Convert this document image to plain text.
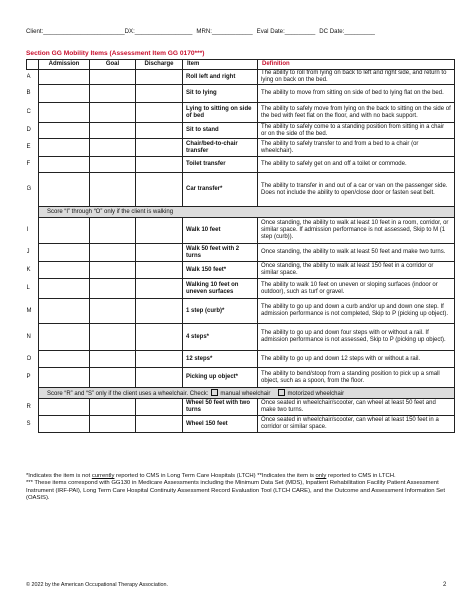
Client:________________________DX:_________________ MRN:____________ Eval Date:_________ DC Date:_________
Section GG Mobility Items (Assessment Item GG 0170***)
	Admission	Goal	Discharge	Item	Definition
A				Roll left and right	The ability to roll from lying on back to left and right side, and return to lying on back on the bed.
B				Sit to lying	The ability to move from sitting on side of bed to lying flat on the bed.
C				Lying to sitting on side of bed	The ability to safely move from lying on the back to sitting on the side of the bed with feet flat on the floor, and with no back support.
D				Sit to stand	The ability to safely come to a standing position from sitting in a chair or on the side of the bed.
E				Chair/bed-to-chair transfer	The ability to safely transfer to and from a bed to a chair (or wheelchair).
F				Toilet transfer	The ability to safely get on and off a toilet or commode.
G				Car transfer*	The ability to transfer in and out of a car or van on the passenger side. Does not include the ability to open/close door or fasten seat belt.
	Score “I” through “O” only if the client is walking				
I				Walk 10 feet	Once standing, the ability to walk at least 10 feet in a room, corridor, or similar space. If admission performance is not assessed, Skip to M (1 step (curb)).
J				Walk 50 feet with 2 turns	Once standing, the ability to walk at least 50 feet and make two turns.
K				Walk 150 feet*	Once standing, the ability to walk at least 150 feet in a corridor or similar space.
L				Walking 10 feet on uneven surfaces	The ability to walk 10 feet on uneven or sloping surfaces (indoor or outdoor), such as turf or gravel.
M				1 step (curb)*	The ability to go up and down a curb and/or up and down one step. If admission performance is not completed, Skip to P (picking up object).
N				4 steps*	The ability to go up and down four steps with or without a rail. If admission performance is not assessed, Skip to P (picking up object).
O				12 steps*	The ability to go up and down 12 steps with or without a rail.
P				Picking up object*	The ability to bend/stoop from a standing position to pick up a small object, such as a spoon, from the floor.
	Score “R” and “S” only if the client uses a wheelchair. Check: manual wheelchair motorized wheelchair				
R				Wheel 50 feet with two turns	Once seated in wheelchair/scooter, can wheel at least 50 feet and make two turns.
S				Wheel 150 feet	Once seated in wheelchair/scooter, can wheel at least 150 feet in a corridor or similar space.

*Indicates the item is not currently reported to CMS in Long Term Care Hospitals (LTCH) **Indicates the item is only reported to CMS in LTCH.

*** These items correspond with GG130 in Medicare Assessments including the Minimum Data Set (MDS), Inpatient Rehabilitation Facility Patient Assessment Instrument (IRF-PAI), Long Term Care Hospital Continuity Assessment Record Evaluation Tool (LTCH CARE), and the Outcome and Assessment Information Set (OASIS).

© 2022 by the American Occupational Therapy Association.	2
